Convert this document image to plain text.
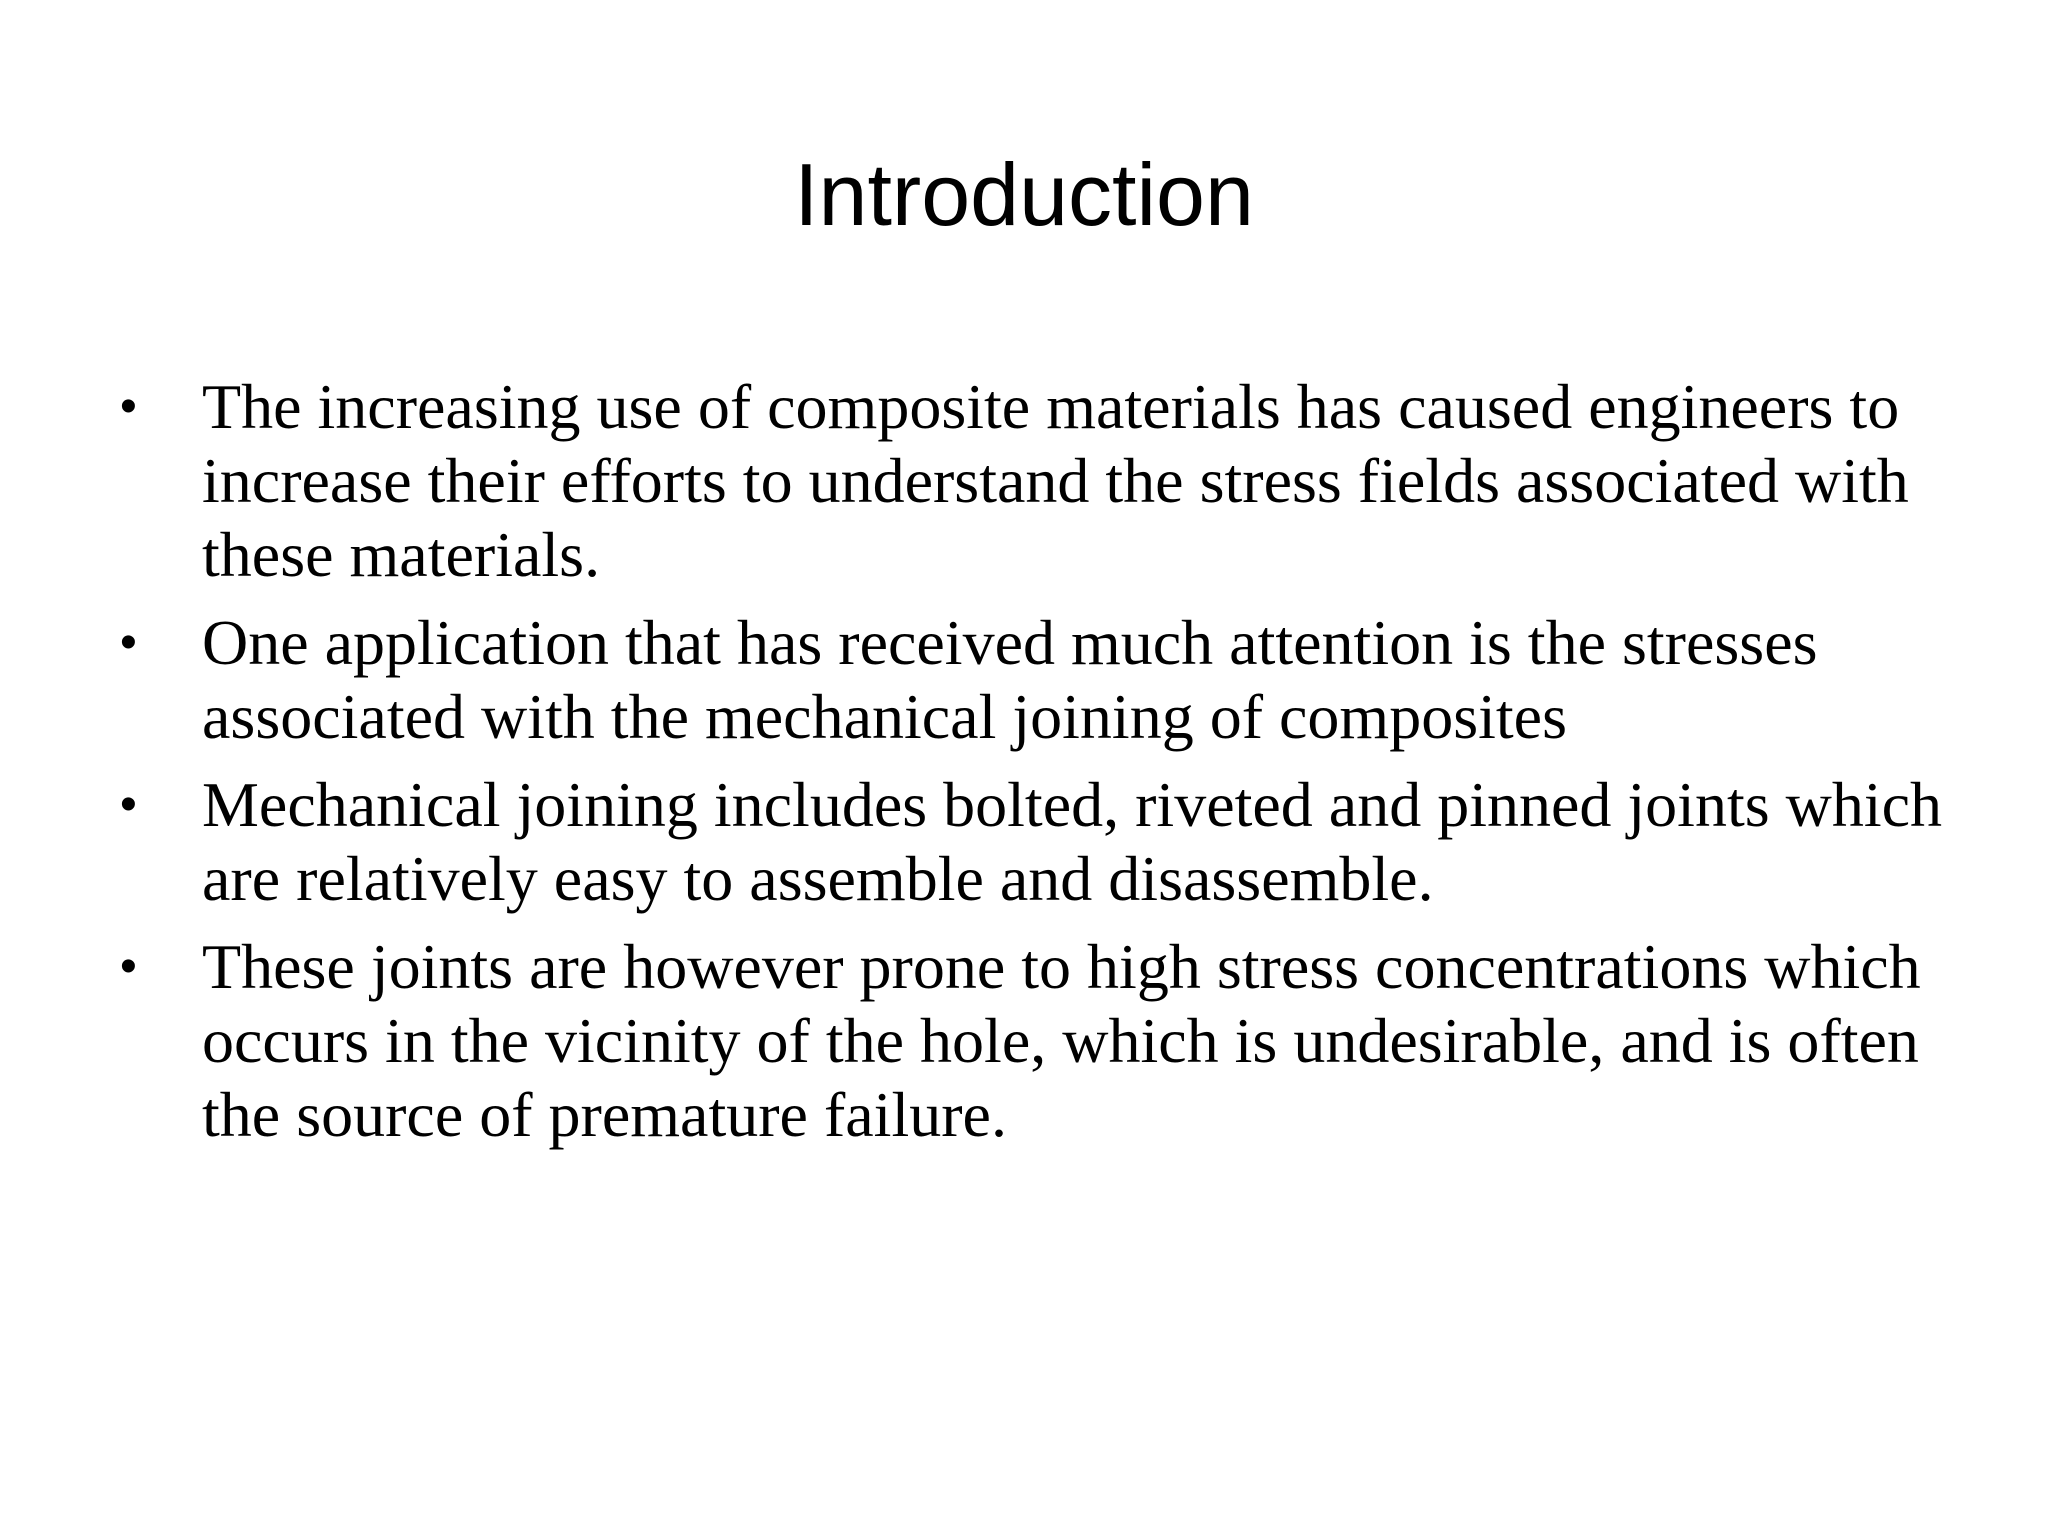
Introduction
• The increasing use of composite materials has caused engineers to increase their efforts to understand the stress fields associated with these materials.
• One application that has received much attention is the stresses associated with the mechanical joining of composites
• Mechanical joining includes bolted, riveted and pinned joints which are relatively easy to assemble and disassemble.
• These joints are however prone to high stress concentrations which occurs in the vicinity of the hole, which is undesirable, and is often the source of premature failure.
